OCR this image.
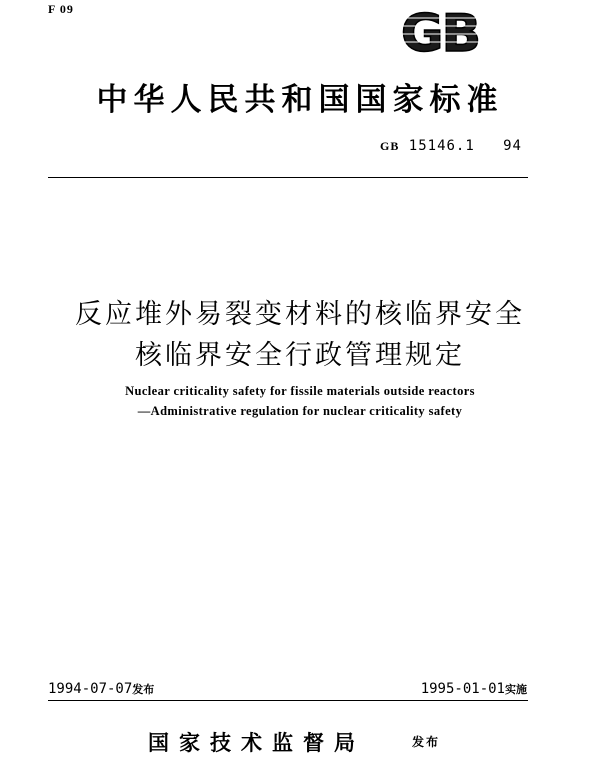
F 09	GB
中华人民共和国国家标准
GB 15146.1   94
反应堆外易裂变材料的核临界安全
核临界安全行政管理规定
Nuclear criticality safety for fissile materials outside reactors
—Administrative regulation for nuclear criticality safety
1994-07-07发布	1995-01-01实施
国家技术监督局	发布
